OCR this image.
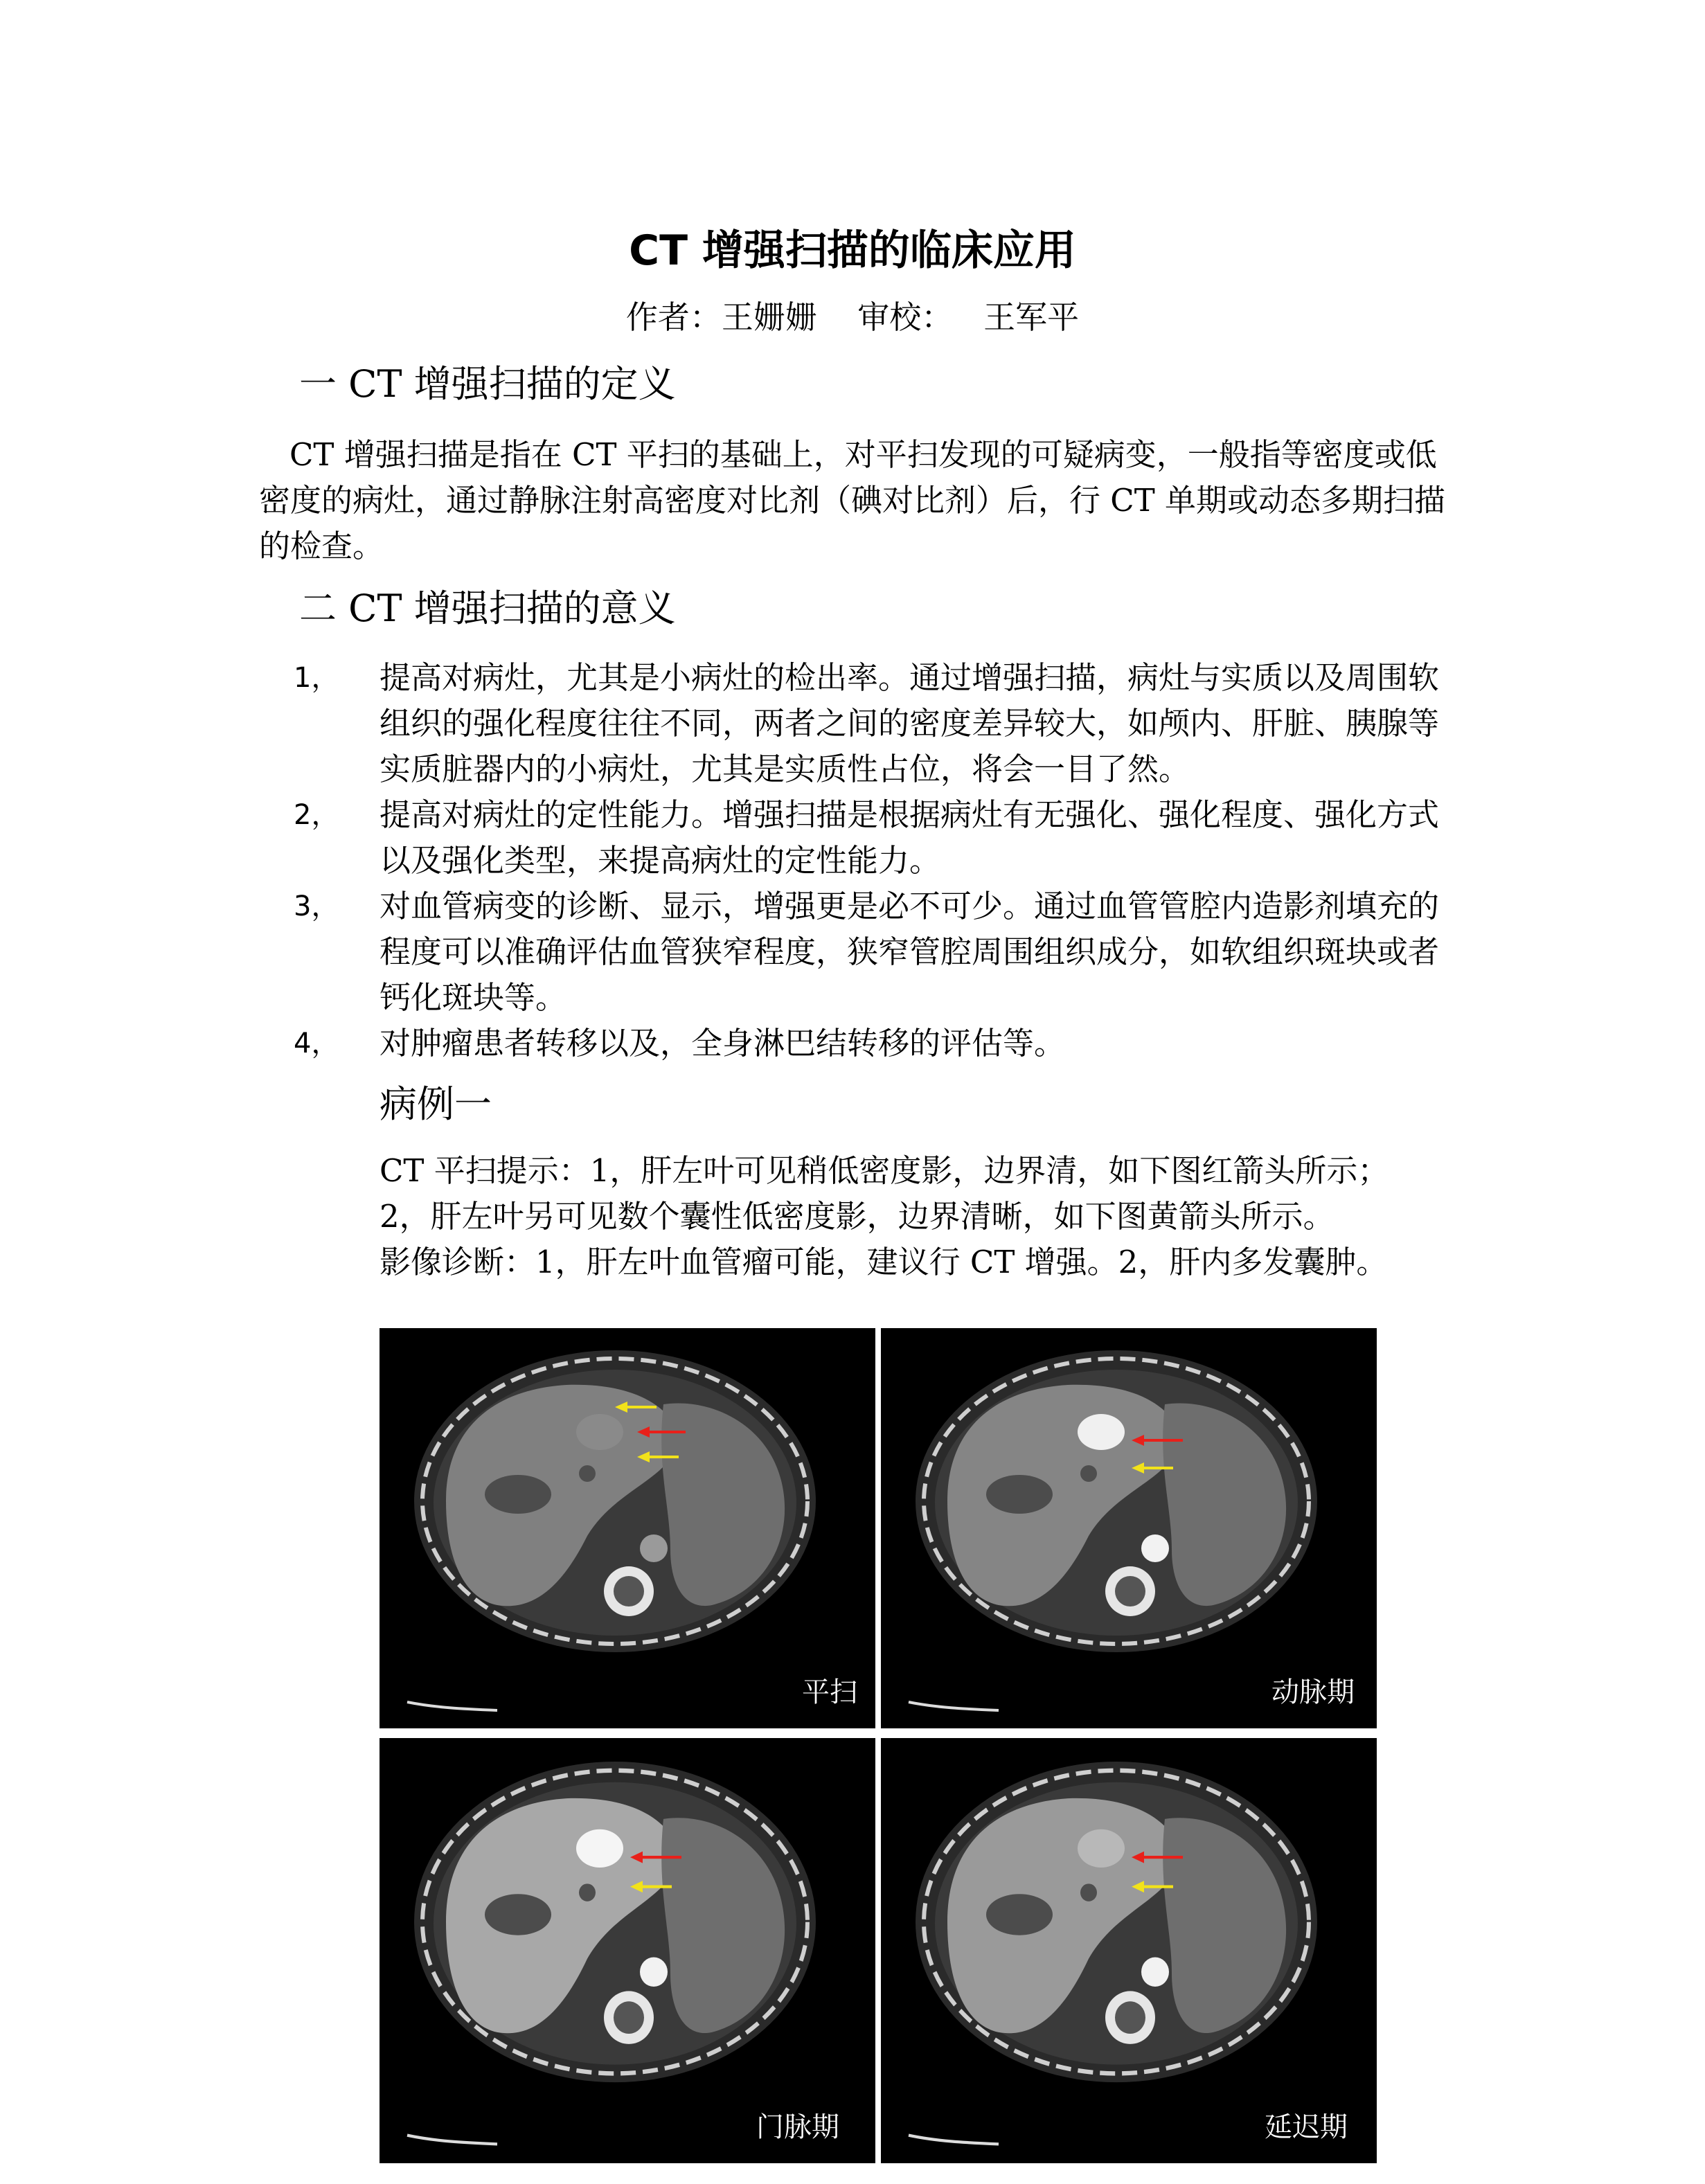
CT 增强扫描的临床应用
作者：王姗姗    审校：   王军平
一 CT 增强扫描的定义
CT 增强扫描是指在 CT 平扫的基础上，对平扫发现的可疑病变，一般指等密度或低密度的病灶，通过静脉注射高密度对比剂（碘对比剂）后，行 CT 单期或动态多期扫描的检查。
二 CT 增强扫描的意义
1， 提高对病灶，尤其是小病灶的检出率。通过增强扫描，病灶与实质以及周围软组织的强化程度往往不同，两者之间的密度差异较大，如颅内、肝脏、胰腺等实质脏器内的小病灶，尤其是实质性占位，将会一目了然。
2， 提高对病灶的定性能力。增强扫描是根据病灶有无强化、强化程度、强化方式以及强化类型，来提高病灶的定性能力。
3， 对血管病变的诊断、显示，增强更是必不可少。通过血管管腔内造影剂填充的程度可以准确评估血管狭窄程度，狭窄管腔周围组织成分，如软组织斑块或者钙化斑块等。
4， 对肿瘤患者转移以及，全身淋巴结转移的评估等。
病例一
CT 平扫提示：1，肝左叶可见稍低密度影，边界清，如下图红箭头所示；
2，肝左叶另可见数个囊性低密度影，边界清晰，如下图黄箭头所示。
影像诊断：1，肝左叶血管瘤可能，建议行 CT 增强。2，肝内多发囊肿。
平扫	动脉期
门脉期	延迟期
